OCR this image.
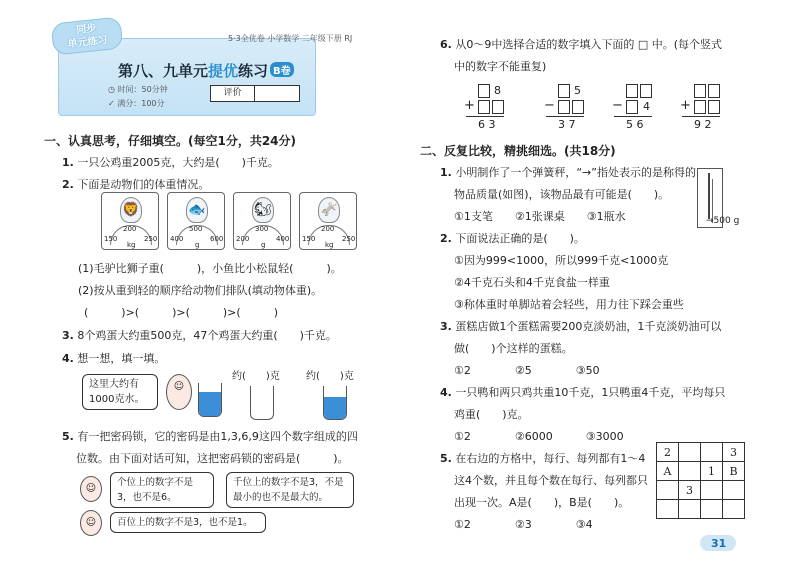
同步
单元练习	5·3全优卷 小学数学 二年级下册 RJ
第八、九单元提优练习 B卷
◷ 时间：50分钟
✓ 满分：100分
评价
一、认真思考，仔细填空。(每空1分，共24分)
1. 一只公鸡重2005克，大约是(　　)千克。
2. 下面是动物们的体重情况。
🦁
150
200
250
kg
🐟
400
500
600
g
🐿
200
300
400
g
🫏
150
200
250
kg
(1)毛驴比狮子重(　　　)，小鱼比小松鼠轻(　　　)。
(2)按从重到轻的顺序给动物们排队(填动物体重)。
(　　　)>(　　　)>(　　　)>(　　　)
3. 8个鸡蛋大约重500克，47个鸡蛋大约重(　　)千克。
4. 想一想，填一填。
这里大约有
1000克水。
☺
约(　　)克	约(　　)克
5. 有一把密码锁，它的密码是由1,3,6,9这四个数字组成的四
位数。由下面对话可知，这把密码锁的密码是(　　　)。
☺
个位上的数字不是
3，也不是6。
千位上的数字不是3，不是
最小的也不是最大的。
☺	百位上的数字不是3，也不是1。
6. 从0～9中选择合适的数字填入下面的 □ 中。(每个竖式
中的数字不能重复)
8
+
6 3
5
−
3 7
− 4
5 6
+
9 2
二、反复比较，精挑细选。(共18分)
1. 小明制作了一个弹簧秤，“→”指处表示的是称得的
物品质量(如图)，该物品最有可能是(　　)。
①1支笔　　②1张课桌　　③1瓶水	→500 g
2. 下面说法正确的是(　　)。
①因为999<1000，所以999千克<1000克
②4千克石头和4千克食盐一样重
③称体重时单脚站着会轻些，用力往下踩会重些
3. 蛋糕店做1个蛋糕需要200克淡奶油，1千克淡奶油可以
做(　　)个这样的蛋糕。
①2　　　　②5　　　　③50
4. 一只鸭和两只鸡共重10千克，1只鸭重4千克，平均每只
鸡重(　　)克。
①2　　　　②6000　　　③3000
5. 在右边的方格中，每行、每列都有1～4
这4个数，并且每个数在每行、每列都只
出现一次。A是(　　)，B是(　　)。
①2　　　　②3　　　　③4
2			3
A		1	B
	3		

31
